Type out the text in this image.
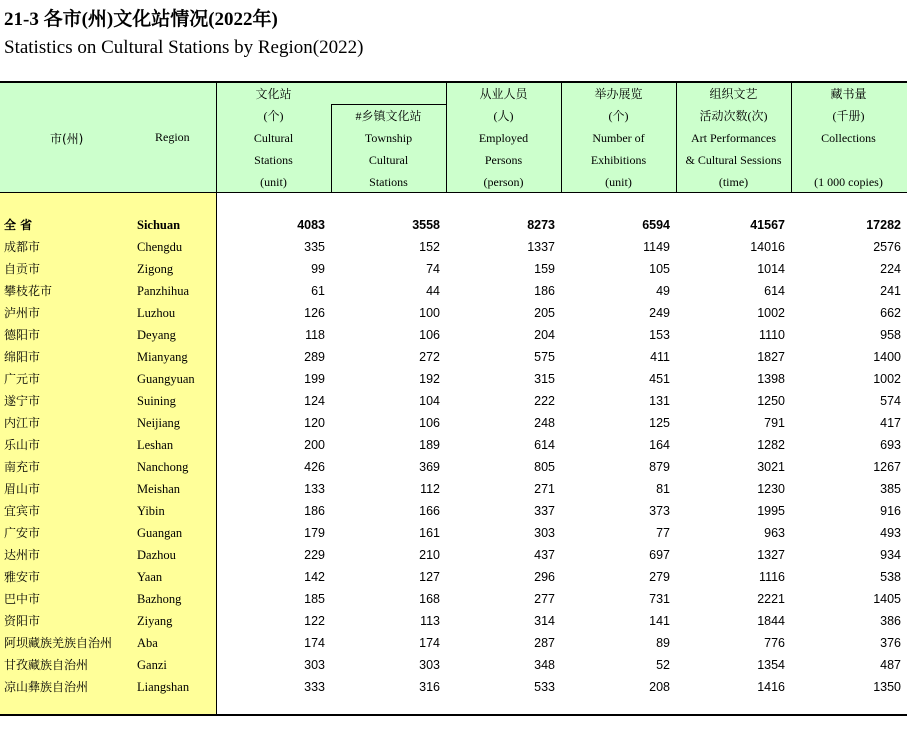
21-3 各市(州)文化站情况(2022年)
Statistics on Cultural Stations by Region(2022)
市(州)	Region
文化站
(个)
Cultural
Stations
(unit)
#乡镇文化站
Township
Cultural
Stations
从业人员
(人)
Employed
Persons
(person)
举办展览
(个)
Number of
Exhibitions
(unit)
组织文艺
活动次数(次)
Art Performances
& Cultural Sessions
(time)
藏书量
(千册)
Collections
(1 000 copies)
全 省	Sichuan	4083	3558	8273	6594	41567	17282
成都市	Chengdu	335	152	1337	1149	14016	2576
自贡市	Zigong	99	74	159	105	1014	224
攀枝花市	Panzhihua	61	44	186	49	614	241
泸州市	Luzhou	126	100	205	249	1002	662
德阳市	Deyang	118	106	204	153	1110	958
绵阳市	Mianyang	289	272	575	411	1827	1400
广元市	Guangyuan	199	192	315	451	1398	1002
遂宁市	Suining	124	104	222	131	1250	574
内江市	Neijiang	120	106	248	125	791	417
乐山市	Leshan	200	189	614	164	1282	693
南充市	Nanchong	426	369	805	879	3021	1267
眉山市	Meishan	133	112	271	81	1230	385
宜宾市	Yibin	186	166	337	373	1995	916
广安市	Guangan	179	161	303	77	963	493
达州市	Dazhou	229	210	437	697	1327	934
雅安市	Yaan	142	127	296	279	1116	538
巴中市	Bazhong	185	168	277	731	2221	1405
资阳市	Ziyang	122	113	314	141	1844	386
阿坝藏族羌族自治州 Aba	174	174	287	89	776	376
甘孜藏族自治州	Ganzi	303	303	348	52	1354	487
凉山彝族自治州	Liangshan	333	316	533	208	1416	1350
